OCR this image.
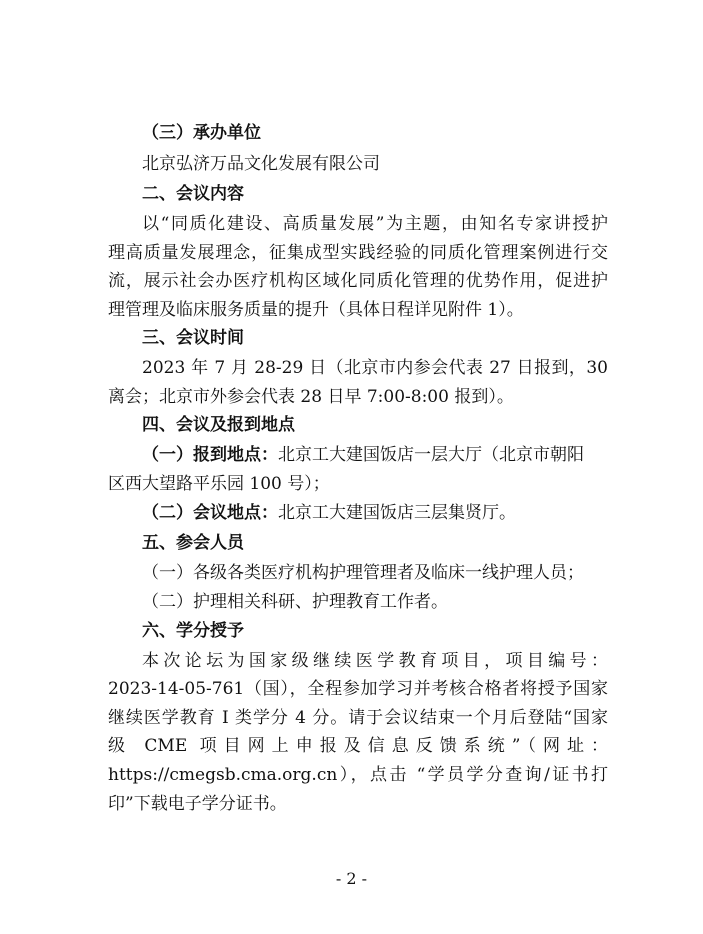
（三）承办单位
北京弘济万品文化发展有限公司
二、会议内容
以“同质化建设、高质量发展”为主题，由知名专家讲授护
理高质量发展理念，征集成型实践经验的同质化管理案例进行交
流，展示社会办医疗机构区域化同质化管理的优势作用，促进护
理管理及临床服务质量的提升（具体日程详见附件 1）。
三、会议时间
2023 年 7 月 28-29 日（北京市内参会代表 27 日报到，30
离会；北京市外参会代表 28 日早 7:00-8:00 报到）。
四、会议及报到地点
（一）报到地点：北京工大建国饭店一层大厅（北京市朝阳
区西大望路平乐园 100 号）；
（二）会议地点：北京工大建国饭店三层集贤厅。
五、参会人员
（一）各级各类医疗机构护理管理者及临床一线护理人员；
（二）护理相关科研、护理教育工作者。
六、学分授予
本次论坛为国家级继续医学教育项目，项目编号：
2023-14-05-761（国），全程参加学习并考核合格者将授予国家
继续医学教育 I 类学分 4 分。请于会议结束一个月后登陆“国家
级 CME 项目网上申报及信息反馈系统”（网址：
https://cmegsb.cma.org.cn），点击 “学员学分查询/证书打
印”下载电子学分证书。
- 2 -
